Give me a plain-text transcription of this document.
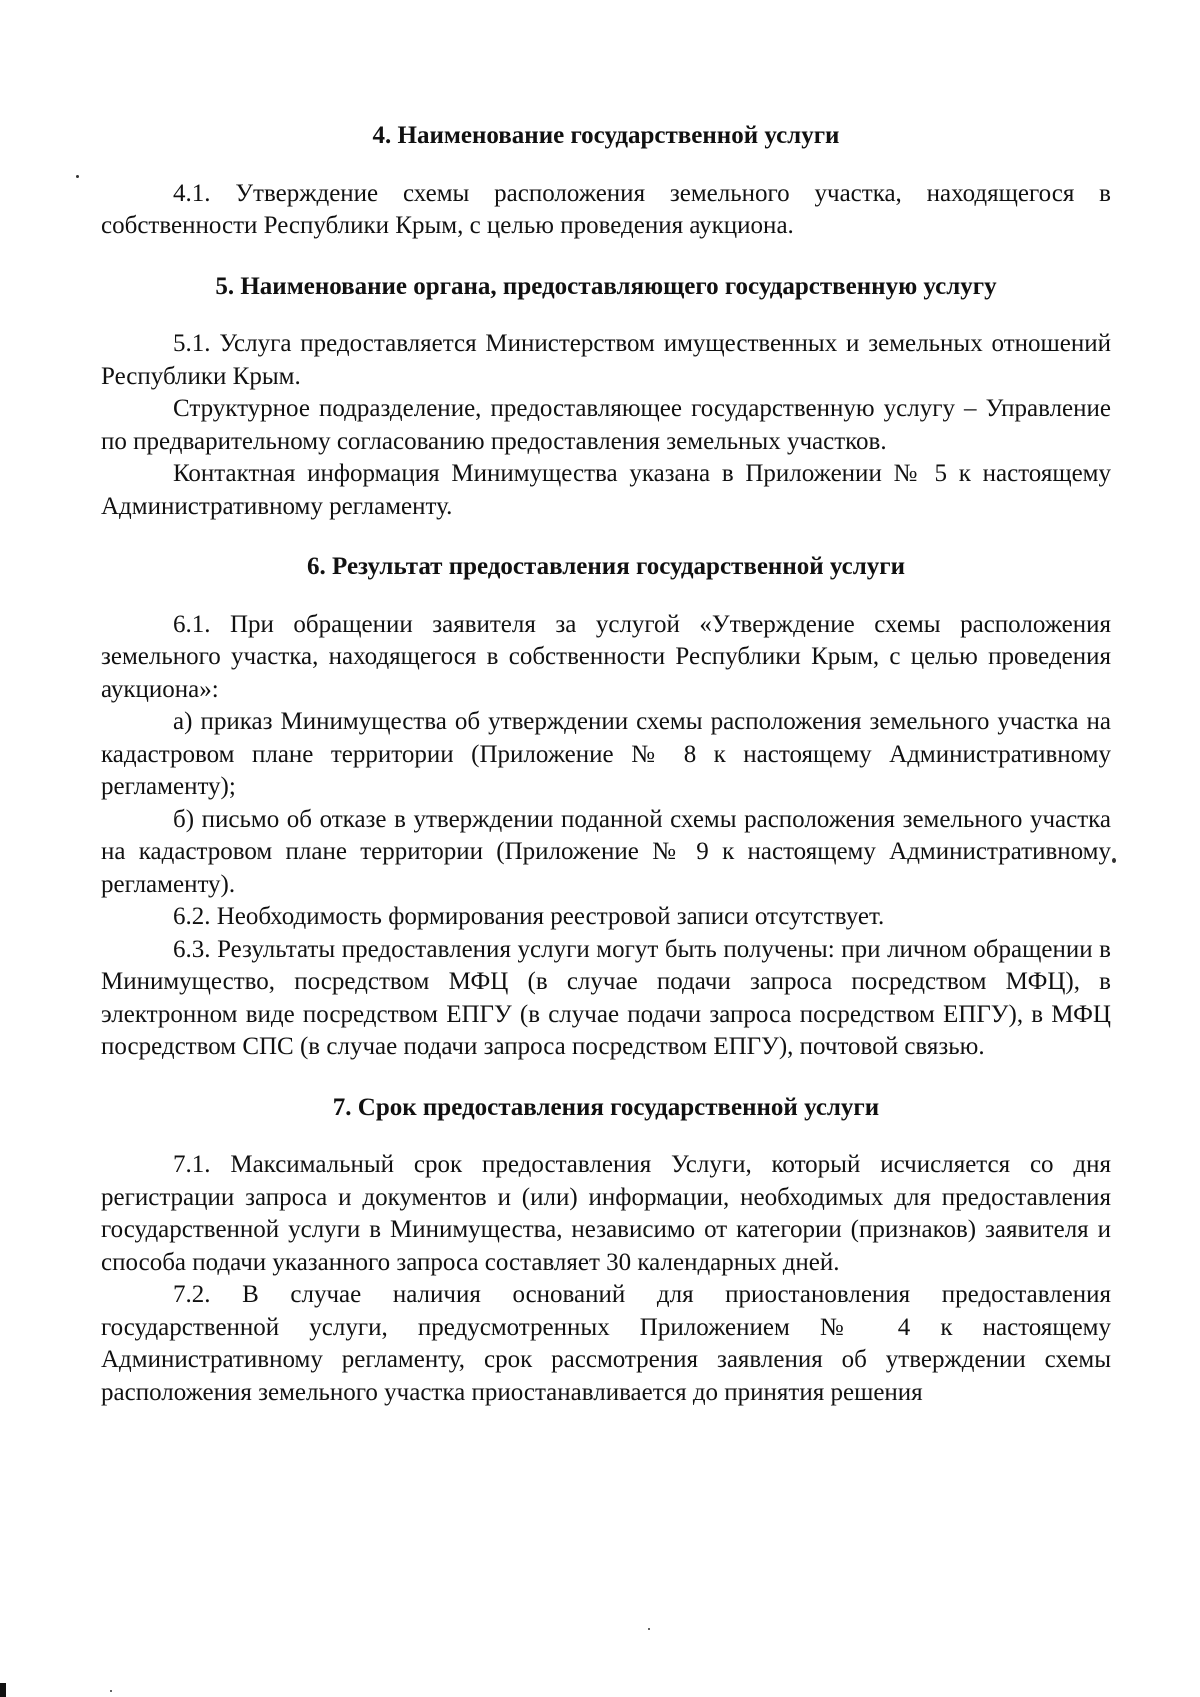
4. Наименование государственной услуги

4.1. Утверждение схемы расположения земельного участка, находящегося в собственности Республики Крым, с целью проведения аукциона.

5. Наименование органа, предоставляющего государственную услугу

5.1. Услуга предоставляется Министерством имущественных и земельных отношений Республики Крым.

Структурное подразделение, предоставляющее государственную услугу – Управление по предварительному согласованию предоставления земельных участков.

Контактная информация Минимущества указана в Приложении № 5 к настоящему Административному регламенту.

6. Результат предоставления государственной услуги

6.1. При обращении заявителя за услугой «Утверждение схемы расположения земельного участка, находящегося в собственности Республики Крым, с целью проведения аукциона»:

а) приказ Минимущества об утверждении схемы расположения земельного участка на кадастровом плане территории (Приложение № 8 к настоящему Административному регламенту);

б) письмо об отказе в утверждении поданной схемы расположения земельного участка на кадастровом плане территории (Приложение № 9 к настоящему Административному регламенту).

6.2. Необходимость формирования реестровой записи отсутствует.

6.3. Результаты предоставления услуги могут быть получены: при личном обращении в Минимущество, посредством МФЦ (в случае подачи запроса посредством МФЦ), в электронном виде посредством ЕПГУ (в случае подачи запроса посредством ЕПГУ), в МФЦ посредством СПС (в случае подачи запроса посредством ЕПГУ), почтовой связью.

7. Срок предоставления государственной услуги

7.1. Максимальный срок предоставления Услуги, который исчисляется со дня регистрации запроса и документов и (или) информации, необходимых для предоставления государственной услуги в Минимущества, независимо от категории (признаков) заявителя и способа подачи указанного запроса составляет 30 календарных дней.

7.2. В случае наличия оснований для приостановления предоставления государственной услуги, предусмотренных Приложением № 4 к настоящему Административному регламенту, срок рассмотрения заявления об утверждении схемы расположения земельного участка приостанавливается до принятия решения
